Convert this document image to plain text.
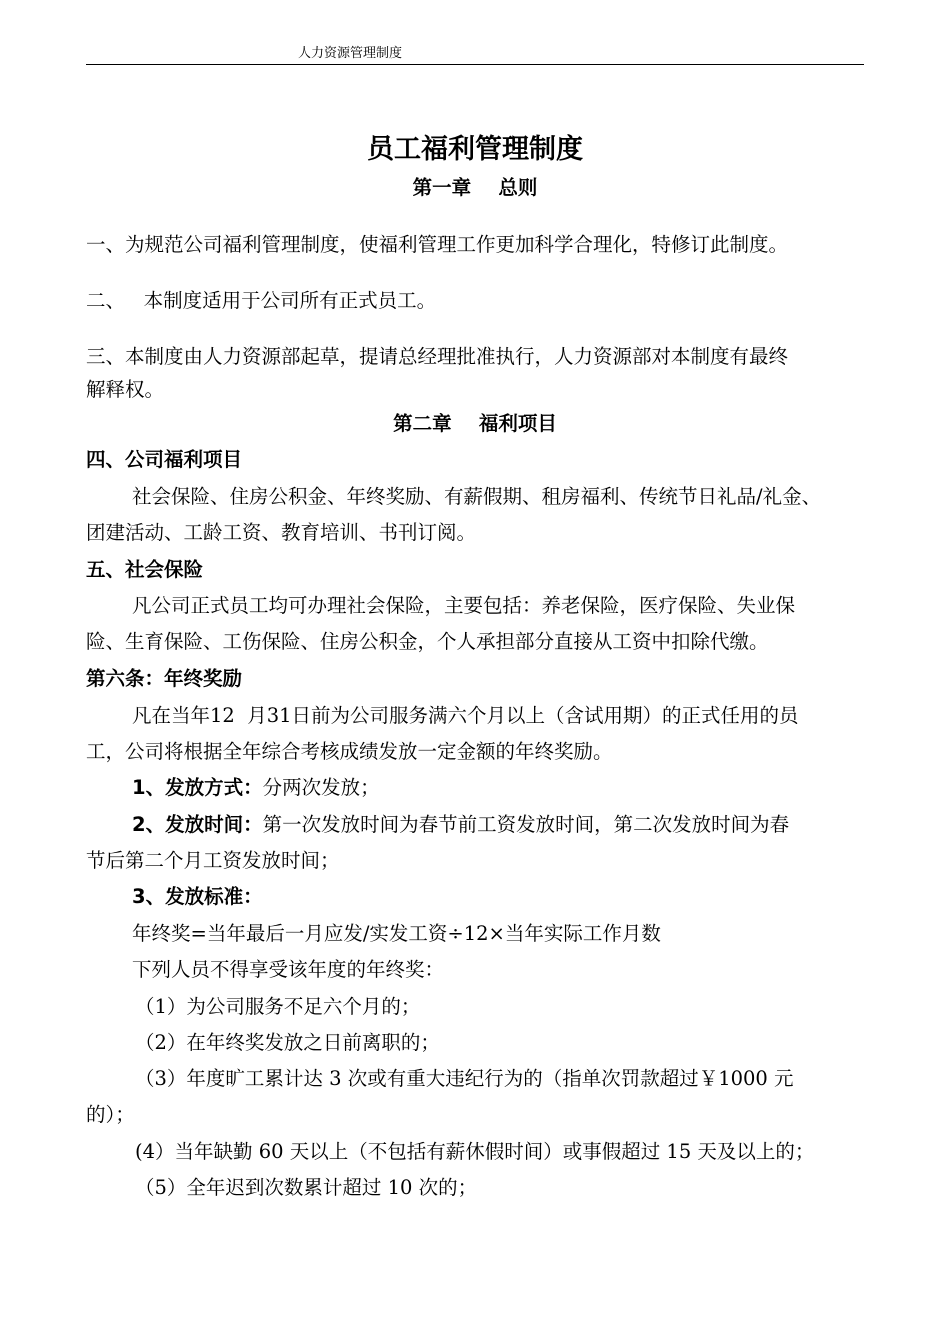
人力资源管理制度
员工福利管理制度
第一章    总则
一、为规范公司福利管理制度，使福利管理工作更加科学合理化，特修订此制度。
二、   本制度适用于公司所有正式员工。
三、本制度由人力资源部起草，提请总经理批准执行，人力资源部对本制度有最终
解释权。
第二章    福利项目
四、公司福利项目
社会保险、住房公积金、年终奖励、有薪假期、租房福利、传统节日礼品/礼金、
团建活动、工龄工资、教育培训、书刊订阅。
五、社会保险
凡公司正式员工均可办理社会保险，主要包括：养老保险，医疗保险、失业保
险、生育保险、工伤保险、住房公积金，个人承担部分直接从工资中扣除代缴。
第六条：年终奖励
凡在当年12  月31日前为公司服务满六个月以上（含试用期）的正式任用的员
工，公司将根据全年综合考核成绩发放一定金额的年终奖励。
1、发放方式：分两次发放；
2、发放时间：第一次发放时间为春节前工资发放时间，第二次发放时间为春
节后第二个月工资发放时间；
3、发放标准：
年终奖=当年最后一月应发/实发工资÷12×当年实际工作月数
下列人员不得享受该年度的年终奖：
（1）为公司服务不足六个月的；
（2）在年终奖发放之日前离职的；
（3）年度旷工累计达 3 次或有重大违纪行为的（指单次罚款超过￥1000 元
的）；
(4）当年缺勤 60 天以上（不包括有薪休假时间）或事假超过 15 天及以上的；
（5）全年迟到次数累计超过 10 次的；
